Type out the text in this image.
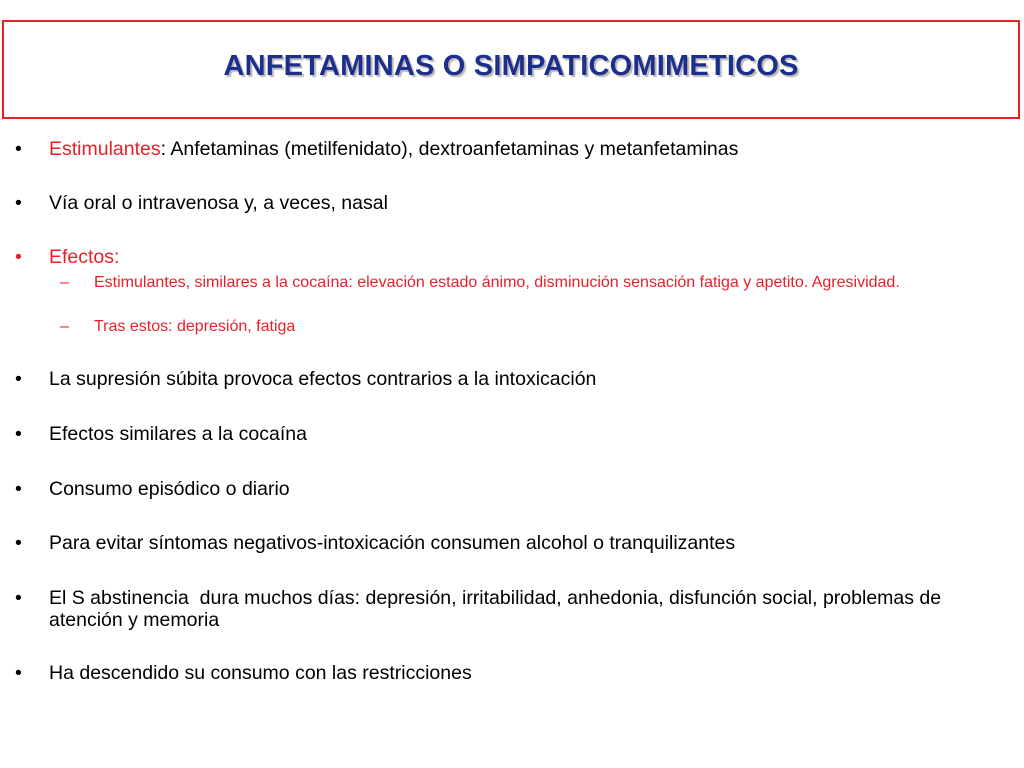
ANFETAMINAS O SIMPATICOMIMETICOS
•	Estimulantes: Anfetaminas (metilfenidato), dextroanfetaminas y metanfetaminas
•	Vía oral o intravenosa y, a veces, nasal
•	Efectos:
–	Estimulantes, similares a la cocaína: elevación estado ánimo, disminución sensación fatiga y apetito. Agresividad.
–	Tras estos: depresión, fatiga
•	La supresión súbita provoca efectos contrarios a la intoxicación
•	Efectos similares a la cocaína
•	Consumo episódico o diario
•	Para evitar síntomas negativos-intoxicación consumen alcohol o tranquilizantes
•	El S abstinencia  dura muchos días: depresión, irritabilidad, anhedonia, disfunción social, problemas de atención y memoria
•	Ha descendido su consumo con las restricciones
